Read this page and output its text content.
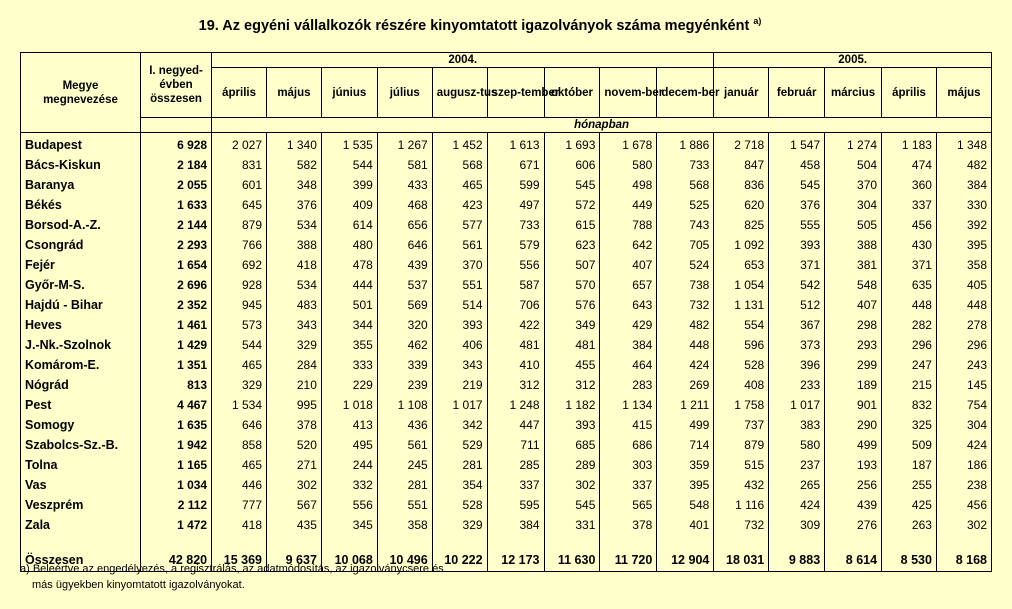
19. Az egyéni vállalkozók részére kinyomtatott igazolványok száma megyénként $^{a)}$
Megye megnevezése	I. negyed-évben összesen	2004.									2005.				
		április	május	június	július	augusz-tus	szep-tember	október	novem-ber	decem-ber	január	február	március	április	május
		hónapban													
Budapest	6 928	2 027	1 340	1 535	1 267	1 452	1 613	1 693	1 678	1 886	2 718	1 547	1 274	1 183	1 348
Bács-Kiskun	2 184	831	582	544	581	568	671	606	580	733	847	458	504	474	482
Baranya	2 055	601	348	399	433	465	599	545	498	568	836	545	370	360	384
Békés	1 633	645	376	409	468	423	497	572	449	525	620	376	304	337	330
Borsod-A.-Z.	2 144	879	534	614	656	577	733	615	788	743	825	555	505	456	392
Csongrád	2 293	766	388	480	646	561	579	623	642	705	1 092	393	388	430	395
Fejér	1 654	692	418	478	439	370	556	507	407	524	653	371	381	371	358
Győr-M-S.	2 696	928	534	444	537	551	587	570	657	738	1 054	542	548	635	405
Hajdú - Bihar	2 352	945	483	501	569	514	706	576	643	732	1 131	512	407	448	448
Heves	1 461	573	343	344	320	393	422	349	429	482	554	367	298	282	278
J.-Nk.-Szolnok	1 429	544	329	355	462	406	481	481	384	448	596	373	293	296	296
Komárom-E.	1 351	465	284	333	339	343	410	455	464	424	528	396	299	247	243
Nógrád	813	329	210	229	239	219	312	312	283	269	408	233	189	215	145
Pest	4 467	1 534	995	1 018	1 108	1 017	1 248	1 182	1 134	1 211	1 758	1 017	901	832	754
Somogy	1 635	646	378	413	436	342	447	393	415	499	737	383	290	325	304
Szabolcs-Sz.-B.	1 942	858	520	495	561	529	711	685	686	714	879	580	499	509	424
Tolna	1 165	465	271	244	245	281	285	289	303	359	515	237	193	187	186
Vas	1 034	446	302	332	281	354	337	302	337	395	432	265	256	255	238
Veszprém	2 112	777	567	556	551	528	595	545	565	548	1 116	424	439	425	456
Zala	1 472	418	435	345	358	329	384	331	378	401	732	309	276	263	302

Összesen	42 820	15 369	9 637	10 068	10 496	10 222	12 173	11 630	11 720	12 904	18 031	9 883	8 614	8 530	8 168
a) Beleértve az engedélyezés, a regisztrálás, az adatmódosítás, az igazolványcsere és
más ügyekben kinyomtatott igazolványokat.
